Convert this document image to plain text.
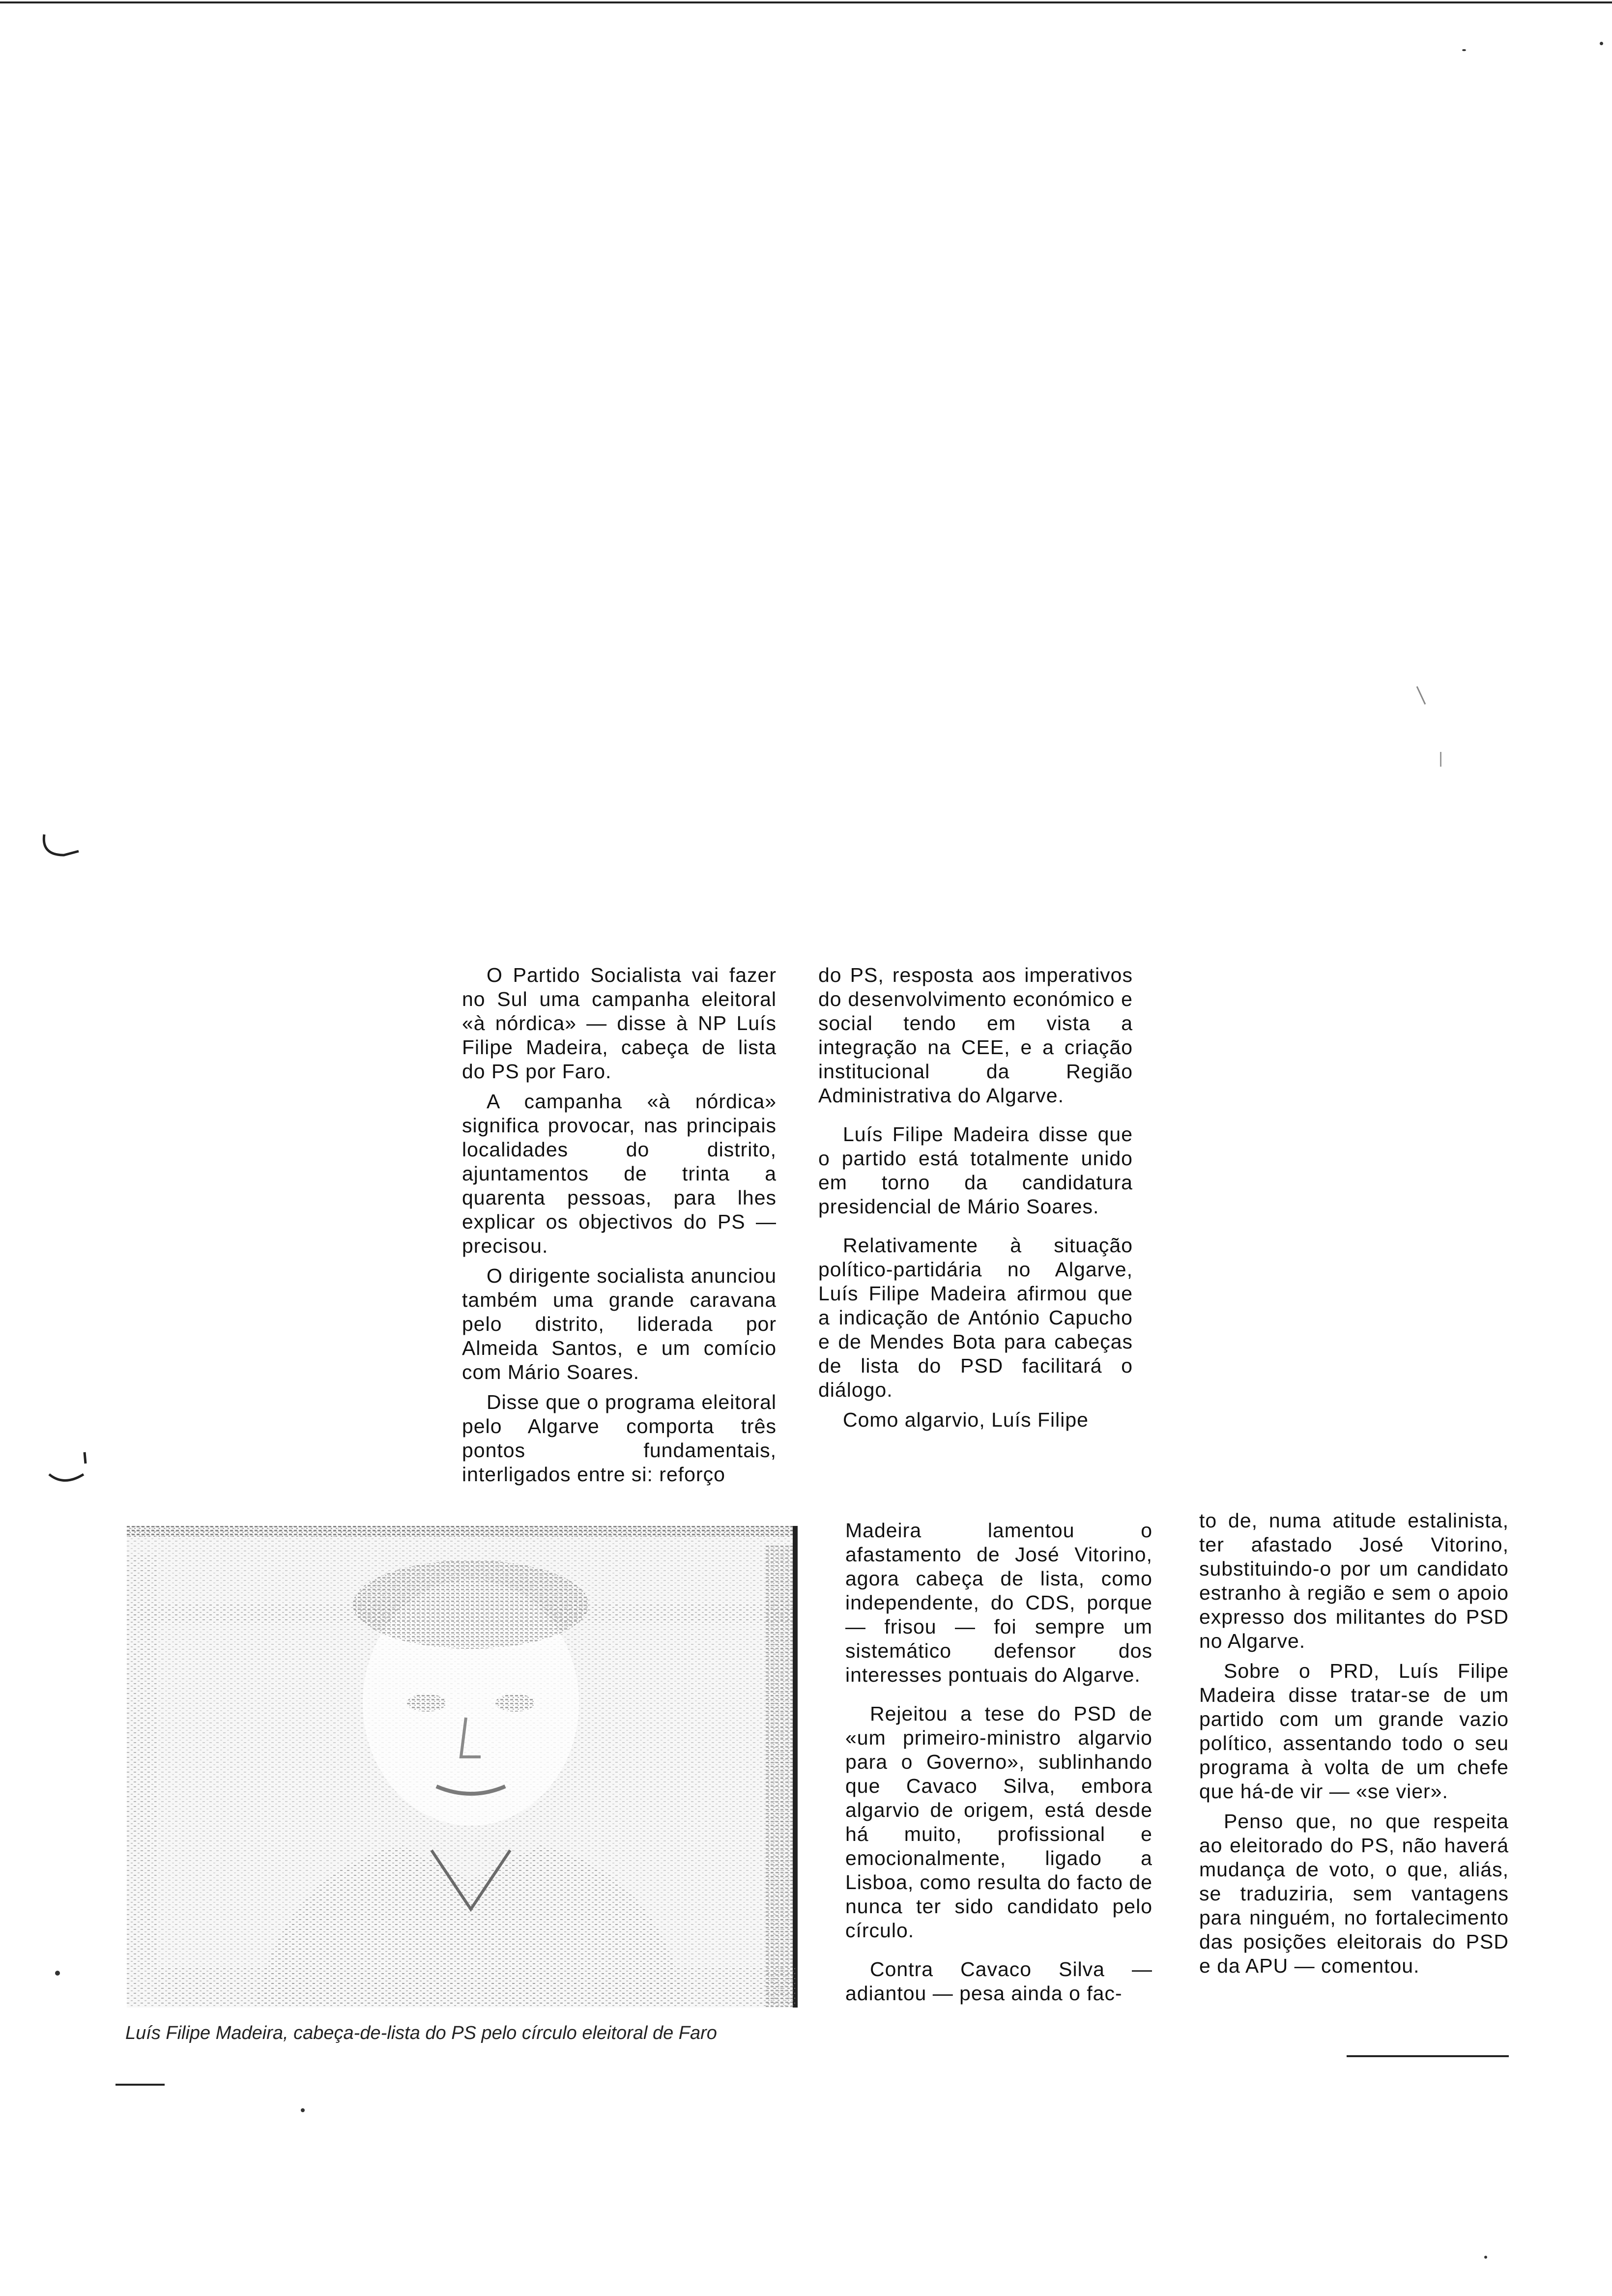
O Partido Socialista vai fazer no Sul uma campanha eleitoral «à nórdica» — disse à NP Luís Filipe Madeira, cabeça de lista do PS por Faro.

A campanha «à nórdica» significa provocar, nas principais localidades do distrito, ajuntamentos de trinta a quarenta pessoas, para lhes explicar os objectivos do PS — precisou.

O dirigente socialista anunciou também uma grande caravana pelo distrito, liderada por Almeida Santos, e um comício com Mário Soares.

Disse que o programa eleitoral pelo Algarve comporta três pontos fundamentais, interligados entre si: reforço

do PS, resposta aos imperativos do desenvolvimento económico e social tendo em vista a integração na CEE, e a criação institucional da Região Administrativa do Algarve.

Luís Filipe Madeira disse que o partido está totalmente unido em torno da candidatura presidencial de Mário Soares.

Relativamente à situação político-partidária no Algarve, Luís Filipe Madeira afirmou que a indicação de António Capucho e de Mendes Bota para cabeças de lista do PSD facilitará o diálogo.

Como algarvio, Luís Filipe

Madeira lamentou o afastamento de José Vitorino, agora cabeça de lista, como independente, do CDS, porque — frisou — foi sempre um sistemático defensor dos interesses pontuais do Algarve.

Rejeitou a tese do PSD de «um primeiro-ministro algarvio para o Governo», sublinhando que Cavaco Silva, embora algarvio de origem, está desde há muito, profissional e emocionalmente, ligado a Lisboa, como resulta do facto de nunca ter sido candidato pelo círculo.

Contra Cavaco Silva — adiantou — pesa ainda o fac-

to de, numa atitude estalinista, ter afastado José Vitorino, substituindo-o por um candidato estranho à região e sem o apoio expresso dos militantes do PSD no Algarve.

Sobre o PRD, Luís Filipe Madeira disse tratar-se de um partido com um grande vazio político, assentando todo o seu programa à volta de um chefe que há-de vir — «se vier».

Penso que, no que respeita ao eleitorado do PS, não haverá mudança de voto, o que, aliás, se traduziria, sem vantagens para ninguém, no fortalecimento das posições eleitorais do PSD e da APU — comentou.

Luís Filipe Madeira, cabeça-de-lista do PS pelo círculo eleitoral de Faro
